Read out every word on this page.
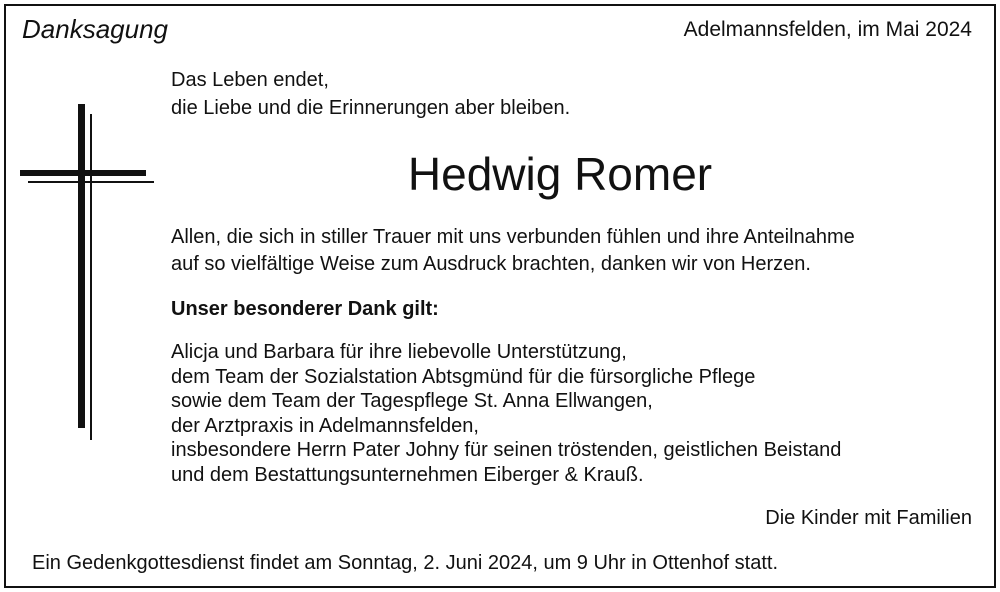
Danksagung	Adelmannsfelden, im Mai 2024
Das Leben endet,
die Liebe und die Erinnerungen aber bleiben.
Hedwig Romer
Allen, die sich in stiller Trauer mit uns verbunden fühlen und ihre Anteilnahme
auf so vielfältige Weise zum Ausdruck brachten, danken wir von Herzen.
Unser besonderer Dank gilt:
Alicja und Barbara für ihre liebevolle Unterstützung,
dem Team der Sozialstation Abtsgmünd für die fürsorgliche Pflege
sowie dem Team der Tagespflege St. Anna Ellwangen,
der Arztpraxis in Adelmannsfelden,
insbesondere Herrn Pater Johny für seinen tröstenden, geistlichen Beistand
und dem Bestattungsunternehmen Eiberger & Krauß.
Die Kinder mit Familien
Ein Gedenkgottesdienst findet am Sonntag, 2. Juni 2024, um 9 Uhr in Ottenhof statt.
